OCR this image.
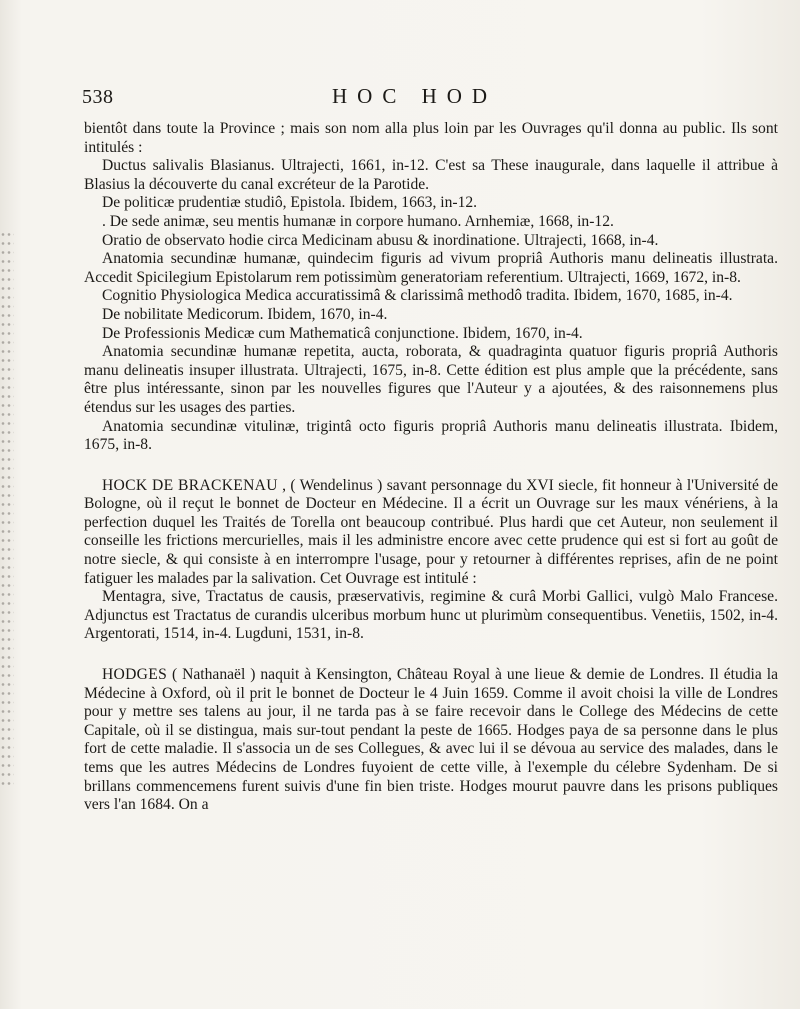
538	HOC HOD

bientôt dans toute la Province ; mais son nom alla plus loin par les Ouvrages qu'il donna au public. Ils sont intitulés :

Ductus salivalis Blasianus. Ultrajecti, 1661, in-12. C'est sa These inaugurale, dans laquelle il attribue à Blasius la découverte du canal excréteur de la Parotide.

De politicæ prudentiæ studiô, Epistola. Ibidem, 1663, in-12.

. De sede animæ, seu mentis humanæ in corpore humano. Arnhemiæ, 1668, in-12.

Oratio de observato hodie circa Medicinam abusu & inordinatione. Ultrajecti, 1668, in-4.

Anatomia secundinæ humanæ, quindecim figuris ad vivum propriâ Authoris manu delineatis illustrata. Accedit Spicilegium Epistolarum rem potissimùm generatoriam referentium. Ultrajecti, 1669, 1672, in-8.

Cognitio Physiologica Medica accuratissimâ & clarissimâ methodô tradita. Ibidem, 1670, 1685, in-4.

De nobilitate Medicorum. Ibidem, 1670, in-4.

De Professionis Medicæ cum Mathematicâ conjunctione. Ibidem, 1670, in-4.

Anatomia secundinæ humanæ repetita, aucta, roborata, & quadraginta quatuor figuris propriâ Authoris manu delineatis insuper illustrata. Ultrajecti, 1675, in-8. Cette édition est plus ample que la précédente, sans être plus intéressante, sinon par les nouvelles figures que l'Auteur y a ajoutées, & des raisonnemens plus étendus sur les usages des parties.

Anatomia secundinæ vitulinæ, trigintâ octo figuris propriâ Authoris manu delineatis illustrata. Ibidem, 1675, in-8.

HOCK DE BRACKENAU , ( Wendelinus ) savant personnage du XVI siecle, fit honneur à l'Université de Bologne, où il reçut le bonnet de Docteur en Médecine. Il a écrit un Ouvrage sur les maux vénériens, à la perfection duquel les Traités de Torella ont beaucoup contribué. Plus hardi que cet Auteur, non seulement il conseille les frictions mercurielles, mais il les administre encore avec cette prudence qui est si fort au goût de notre siecle, & qui consiste à en interrompre l'usage, pour y retourner à différentes reprises, afin de ne point fatiguer les malades par la salivation. Cet Ouvrage est intitulé :

Mentagra, sive, Tractatus de causis, præservativis, regimine & curâ Morbi Gallici, vulgò Malo Francese. Adjunctus est Tractatus de curandis ulceribus morbum hunc ut plurimùm consequentibus. Venetiis, 1502, in-4. Argentorati, 1514, in-4. Lugduni, 1531, in-8.

HODGES ( Nathanaël ) naquit à Kensington, Château Royal à une lieue & demie de Londres. Il étudia la Médecine à Oxford, où il prit le bonnet de Docteur le 4 Juin 1659. Comme il avoit choisi la ville de Londres pour y mettre ses talens au jour, il ne tarda pas à se faire recevoir dans le College des Médecins de cette Capitale, où il se distingua, mais sur-tout pendant la peste de 1665. Hodges paya de sa personne dans le plus fort de cette maladie. Il s'associa un de ses Collegues, & avec lui il se dévoua au service des malades, dans le tems que les autres Médecins de Londres fuyoient de cette ville, à l'exemple du célebre Sydenham. De si brillans commencemens furent suivis d'une fin bien triste. Hodges mourut pauvre dans les prisons publiques vers l'an 1684. On a
